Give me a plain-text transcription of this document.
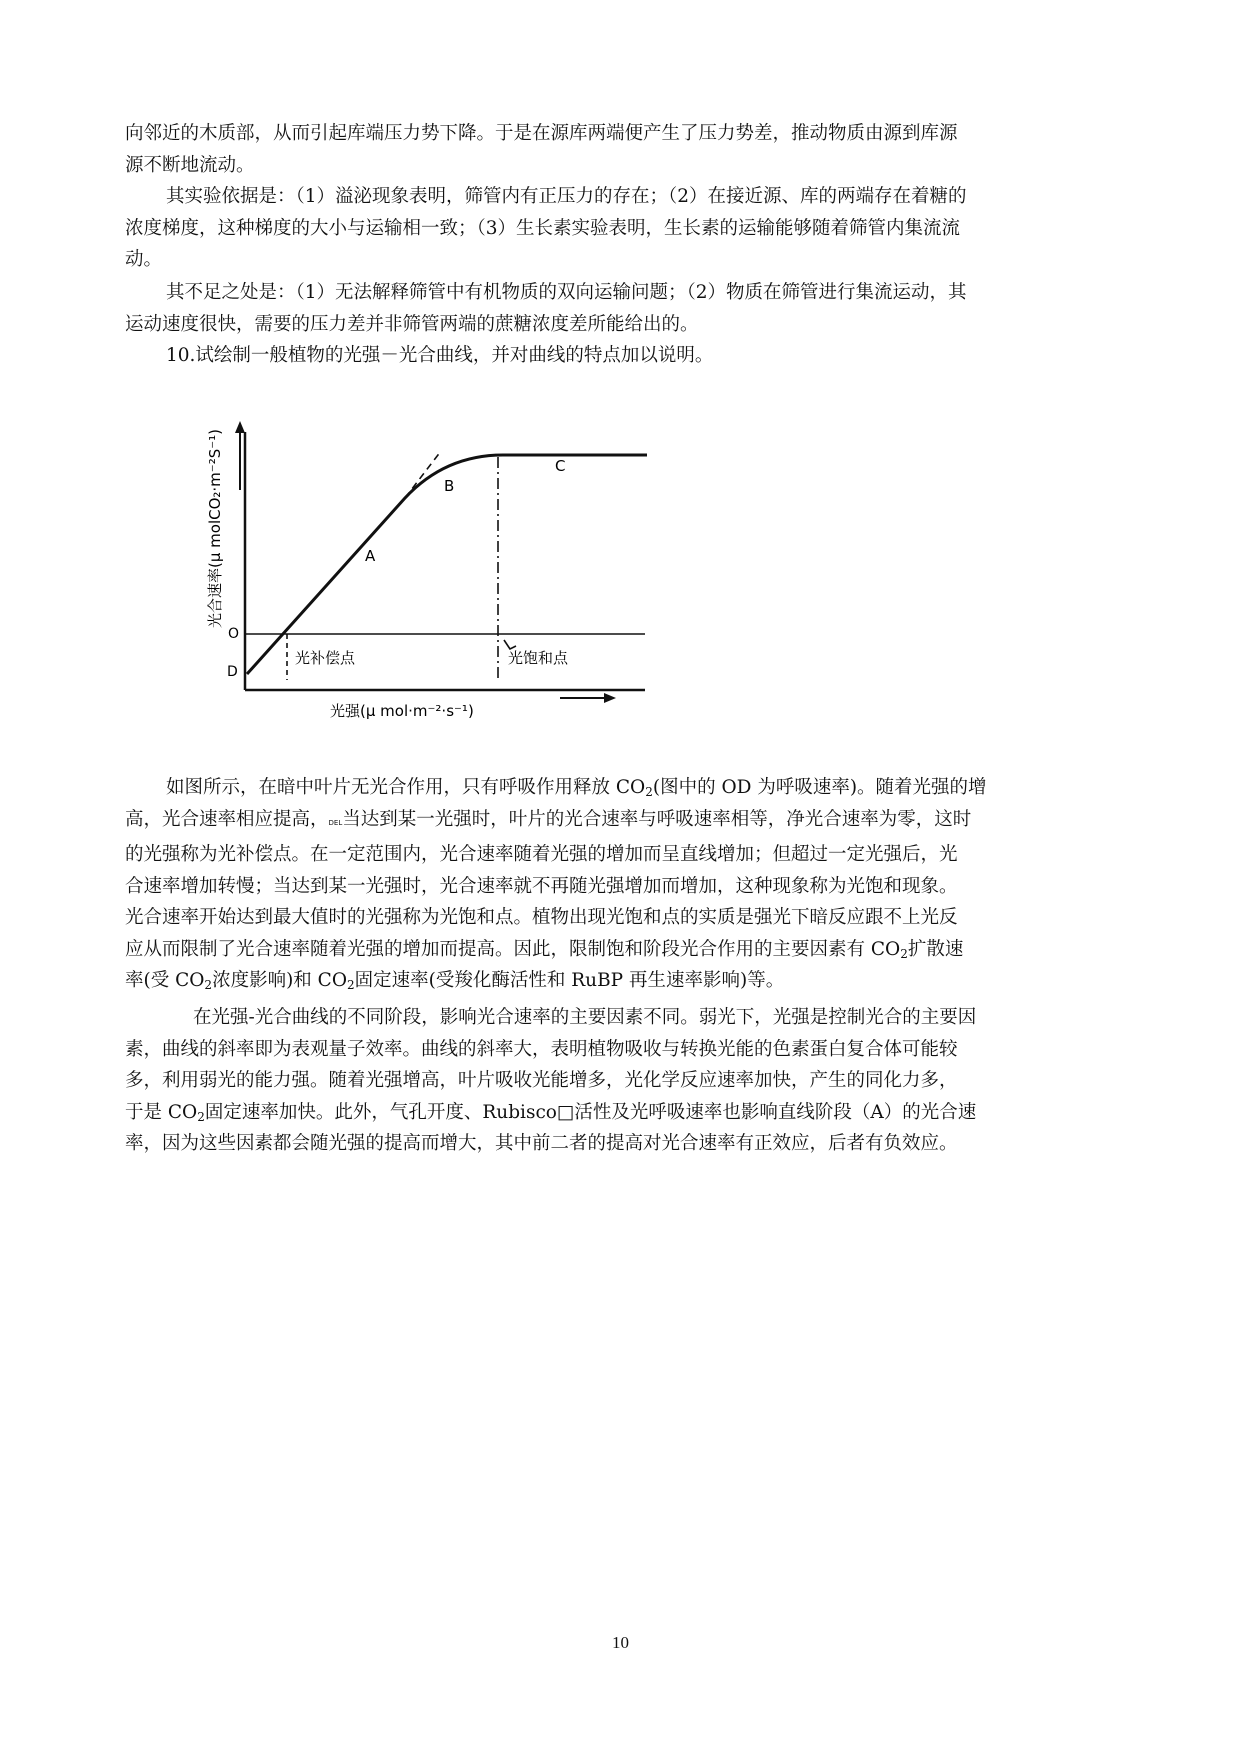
向邻近的木质部，从而引起库端压力势下降。于是在源库两端便产生了压力势差，推动物质由源到库源
源不断地流动。

其实验依据是：（1）溢泌现象表明，筛管内有正压力的存在；（2）在接近源、库的两端存在着糖的
浓度梯度，这种梯度的大小与运输相一致；（3）生长素实验表明，生长素的运输能够随着筛管内集流流
动。

其不足之处是：（1）无法解释筛管中有机物质的双向运输问题；（2）物质在筛管进行集流运动，其
运动速度很快，需要的压力差并非筛管两端的蔗糖浓度差所能给出的。

10.试绘制一般植物的光强－光合曲线，并对曲线的特点加以说明。

A
B
C
O
D
光补偿点	光饱和点
光强(μ mol·m⁻²·s⁻¹)
光合速率(μ molCO₂·m⁻²S⁻¹)

如图所示，在暗中叶片无光合作用，只有呼吸作用释放 $CO_2$(图中的 OD 为呼吸速率)。随着光强的增
高，光合速率相应提高，DEL当达到某一光强时，叶片的光合速率与呼吸速率相等，净光合速率为零，这时
的光强称为光补偿点。在一定范围内，光合速率随着光强的增加而呈直线增加；但超过一定光强后，光
合速率增加转慢；当达到某一光强时，光合速率就不再随光强增加而增加，这种现象称为光饱和现象。
光合速率开始达到最大值时的光强称为光饱和点。植物出现光饱和点的实质是强光下暗反应跟不上光反
应从而限制了光合速率随着光强的增加而提高。因此，限制饱和阶段光合作用的主要因素有 $CO_2$扩散速
率(受 $CO_2$浓度影响)和 $CO_2$固定速率(受羧化酶活性和 RuBP 再生速率影响)等。

在光强-光合曲线的不同阶段，影响光合速率的主要因素不同。弱光下，光强是控制光合的主要因
素，曲线的斜率即为表观量子效率。曲线的斜率大，表明植物吸收与转换光能的色素蛋白复合体可能较
多，利用弱光的能力强。随着光强增高，叶片吸收光能增多，光化学反应速率加快，产生的同化力多，
于是 $CO_2$固定速率加快。此外，气孔开度、Rubisco□活性及光呼吸速率也影响直线阶段（A）的光合速
率，因为这些因素都会随光强的提高而增大，其中前二者的提高对光合速率有正效应，后者有负效应。

10
